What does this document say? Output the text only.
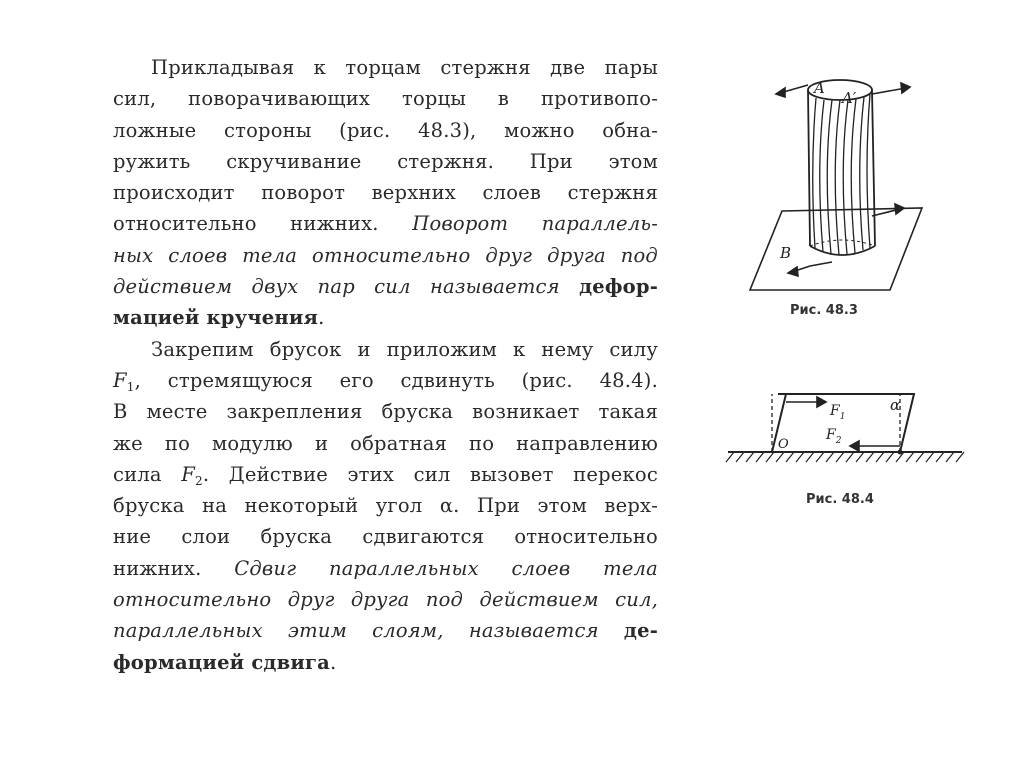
Прикладывая к торцам стержня две пары
сил, поворачивающих торцы в противопо-
ложные стороны (рис. 48.3), можно обна-
ружить скручивание стержня. При этом
происходит поворот верхних слоев стержня
относительно нижних. Поворот параллель-
ных слоев тела относительно друг друга под
действием двух пар сил называется дефор-
мацией кручения.
Закрепим брусок и приложим к нему силу
$F_1$, стремящуюся его сдвинуть (рис. 48.4).
В месте закрепления бруска возникает такая
же по модулю и обратная по направлению
сила $F_2$. Действие этих сил вызовет перекос
бруска на некоторый угол α. При этом верх-
ние слои бруска сдвигаются относительно
нижних. Сдвиг параллельных слоев тела
относительно друг друга под действием сил,
параллельных этим слоям, называется де-
формацией сдвига.
A
A′
B
Рис. 48.3
$F_1$
$F_2$
α
O
Рис. 48.4
